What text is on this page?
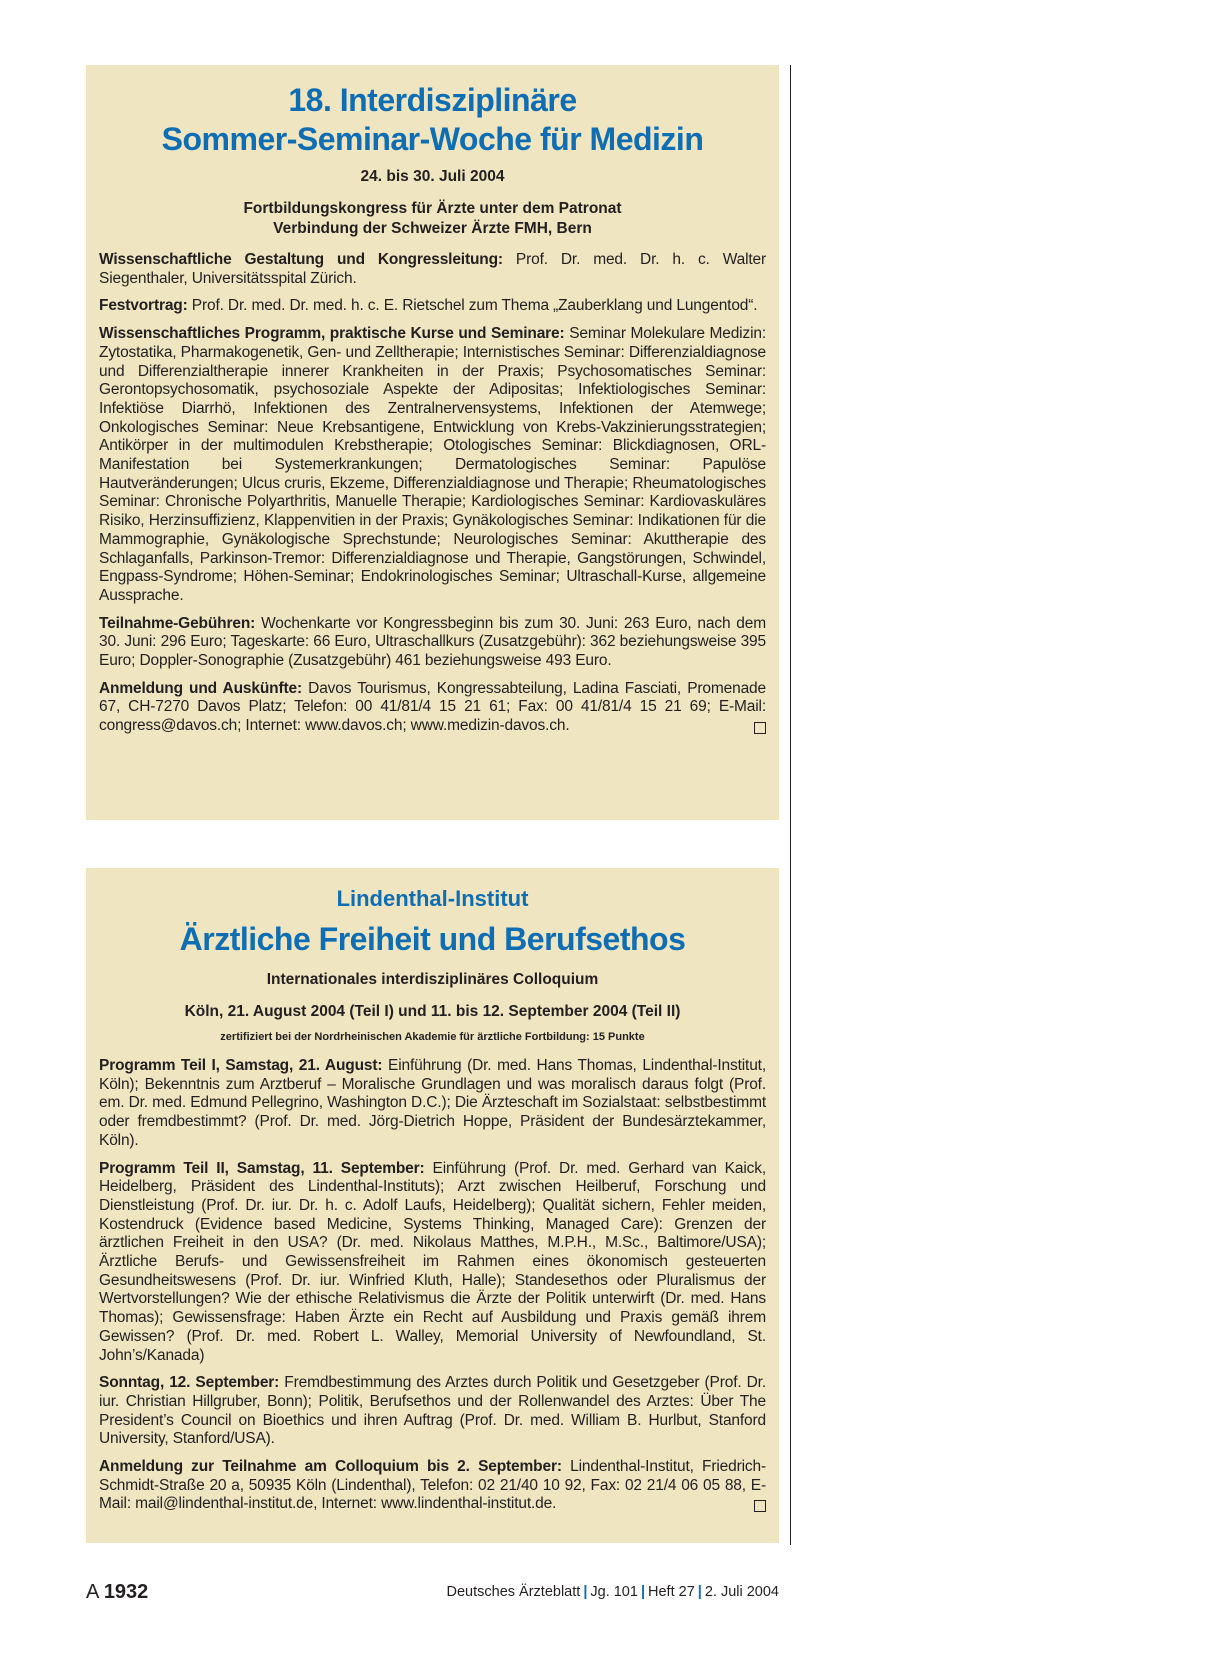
18. Interdisziplinäre
Sommer-Seminar-Woche für Medizin
24. bis 30. Juli 2004
Fortbildungskongress für Ärzte unter dem Patronat
Verbindung der Schweizer Ärzte FMH, Bern
Wissenschaftliche Gestaltung und Kongressleitung: Prof. Dr. med. Dr. h. c. Walter Siegenthaler, Universitätsspital Zürich.
Festvortrag: Prof. Dr. med. Dr. med. h. c. E. Rietschel zum Thema „Zauberklang und Lungentod“.
Wissenschaftliches Programm, praktische Kurse und Seminare: Seminar Molekulare Medizin: Zytostatika, Pharmakogenetik, Gen- und Zelltherapie; Internistisches Seminar: Differenzialdiagnose und Differenzialtherapie innerer Krankheiten in der Praxis; Psychosomatisches Seminar: Gerontopsychosomatik, psychosoziale Aspekte der Adipositas; Infektiologisches Seminar: Infektiöse Diarrhö, Infektionen des Zentralnervensystems, Infektionen der Atemwege; Onkologisches Seminar: Neue Krebsantigene, Entwicklung von Krebs-Vakzinierungsstrategien; Antikörper in der multimodulen Krebstherapie; Otologisches Seminar: Blickdiagnosen, ORL-Manifestation bei Systemerkrankungen; Dermatologisches Seminar: Papulöse Hautveränderungen; Ulcus cruris, Ekzeme, Differenzialdiagnose und Therapie; Rheumatologisches Seminar: Chronische Polyarthritis, Manuelle Therapie; Kardiologisches Seminar: Kardiovaskuläres Risiko, Herzinsuffizienz, Klappenvitien in der Praxis; Gynäkologisches Seminar: Indikationen für die Mammographie, Gynäkologische Sprechstunde; Neurologisches Seminar: Akuttherapie des Schlaganfalls, Parkinson-Tremor: Differenzialdiagnose und Therapie, Gangstörungen, Schwindel, Engpass-Syndrome; Höhen-Seminar; Endokrinologisches Seminar; Ultraschall-Kurse, allgemeine Aussprache.
Teilnahme-Gebühren: Wochenkarte vor Kongressbeginn bis zum 30. Juni: 263 Euro, nach dem 30. Juni: 296 Euro; Tageskarte: 66 Euro, Ultraschallkurs (Zusatzgebühr): 362 beziehungsweise 395 Euro; Doppler-Sonographie (Zusatzgebühr) 461 beziehungsweise 493 Euro.
Anmeldung und Auskünfte: Davos Tourismus, Kongressabteilung, Ladina Fasciati, Promenade 67, CH-7270 Davos Platz; Telefon: 00 41/81/4 15 21 61; Fax: 00 41/81/4 15 21 69; E-Mail: congress@davos.ch; Internet: www.davos.ch; www.medizin-davos.ch.
Lindenthal-Institut
Ärztliche Freiheit und Berufsethos
Internationales interdisziplinäres Colloquium
Köln, 21. August 2004 (Teil I) und 11. bis 12. September 2004 (Teil II)
zertifiziert bei der Nordrheinischen Akademie für ärztliche Fortbildung: 15 Punkte
Programm Teil I, Samstag, 21. August: Einführung (Dr. med. Hans Thomas, Lindenthal-Institut, Köln); Bekenntnis zum Arztberuf – Moralische Grundlagen und was moralisch daraus folgt (Prof. em. Dr. med. Edmund Pellegrino, Washington D.C.); Die Ärzteschaft im Sozialstaat: selbstbestimmt oder fremdbestimmt? (Prof. Dr. med. Jörg-Dietrich Hoppe, Präsident der Bundesärztekammer, Köln).
Programm Teil II, Samstag, 11. September: Einführung (Prof. Dr. med. Gerhard van Kaick, Heidelberg, Präsident des Lindenthal-Instituts); Arzt zwischen Heilberuf, Forschung und Dienstleistung (Prof. Dr. iur. Dr. h. c. Adolf Laufs, Heidelberg); Qualität sichern, Fehler meiden, Kostendruck (Evidence based Medicine, Systems Thinking, Managed Care): Grenzen der ärztlichen Freiheit in den USA? (Dr. med. Nikolaus Matthes, M.P.H., M.Sc., Baltimore/USA); Ärztliche Berufs- und Gewissensfreiheit im Rahmen eines ökonomisch gesteuerten Gesundheitswesens (Prof. Dr. iur. Winfried Kluth, Halle); Standesethos oder Pluralismus der Wertvorstellungen? Wie der ethische Relativismus die Ärzte der Politik unterwirft (Dr. med. Hans Thomas); Gewissensfrage: Haben Ärzte ein Recht auf Ausbildung und Praxis gemäß ihrem Gewissen? (Prof. Dr. med. Robert L. Walley, Memorial University of Newfoundland, St. John’s/Kanada)
Sonntag, 12. September: Fremdbestimmung des Arztes durch Politik und Gesetzgeber (Prof. Dr. iur. Christian Hillgruber, Bonn); Politik, Berufsethos und der Rollenwandel des Arztes: Über The President’s Council on Bioethics und ihren Auftrag (Prof. Dr. med. William B. Hurlbut, Stanford University, Stanford/USA).
Anmeldung zur Teilnahme am Colloquium bis 2. September: Lindenthal-Institut, Friedrich-Schmidt-Straße 20 a, 50935 Köln (Lindenthal), Telefon: 02 21/40 10 92, Fax: 02 21/4 06 05 88, E-Mail: mail@lindenthal-institut.de, Internet: www.lindenthal-institut.de.
A 1932	Deutsches Ärzteblatt | Jg. 101 | Heft 27 | 2. Juli 2004
